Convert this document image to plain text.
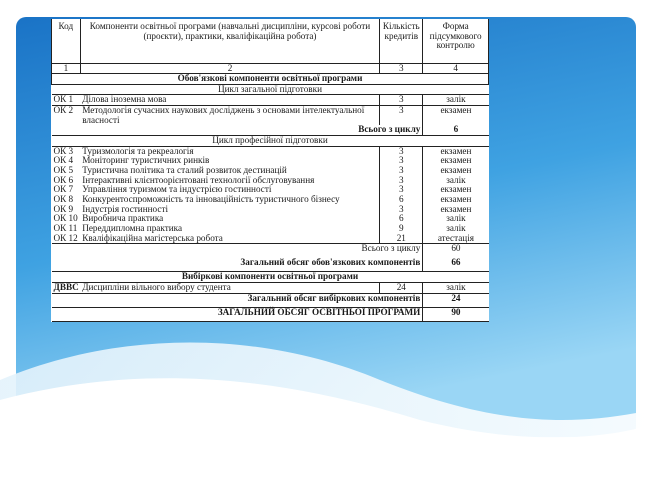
Код	Компоненти освітньої програми (навчальні дисципліни, курсові роботи (проєкти), практики, кваліфікаційна робота)	Кількість кредитів	Форма підсумкового контролю
1	2	3	4
Обов'язкові компоненти освітньої програми			
Цикл загальної підготовки			
ОК 1	Ділова іноземна мова	3	залік
ОК 2	Методологія сучасних наукових досліджень з основами інтелектуальної власності	3	екзамен
Всього з циклу			6
Цикл професійної підготовки			
ОК 3	Туризмологія та рекреалогія	3	екзамен
ОК 4	Моніторинг туристичних ринків	3	екзамен
ОК 5	Туристична політика та сталий розвиток дестинацій	3	екзамен
ОК 6	Інтерактивні клієнтоорієнтовані технології обслуговування	3	залік
ОК 7	Управління туризмом та індустрією гостинності	3	екзамен
ОК 8	Конкурентоспроможність та інноваційність туристичного бізнесу	6	екзамен
ОК 9	Індустрія гостинності	3	екзамен
ОК 10	Виробнича практика	6	залік
ОК 11	Переддипломна практика	9	залік
ОК 12	Кваліфікаційна магістерська робота	21	атестація
Всього з циклу			60
Загальний обсяг обов'язкових компонентів			66
Вибіркові компоненти освітньої програми			
ДВВС	Дисципліни вільного вибору студента	24	залік
Загальний обсяг вибіркових компонентів			24
ЗАГАЛЬНИЙ ОБСЯГ ОСВІТНЬОЇ ПРОГРАМИ			90
